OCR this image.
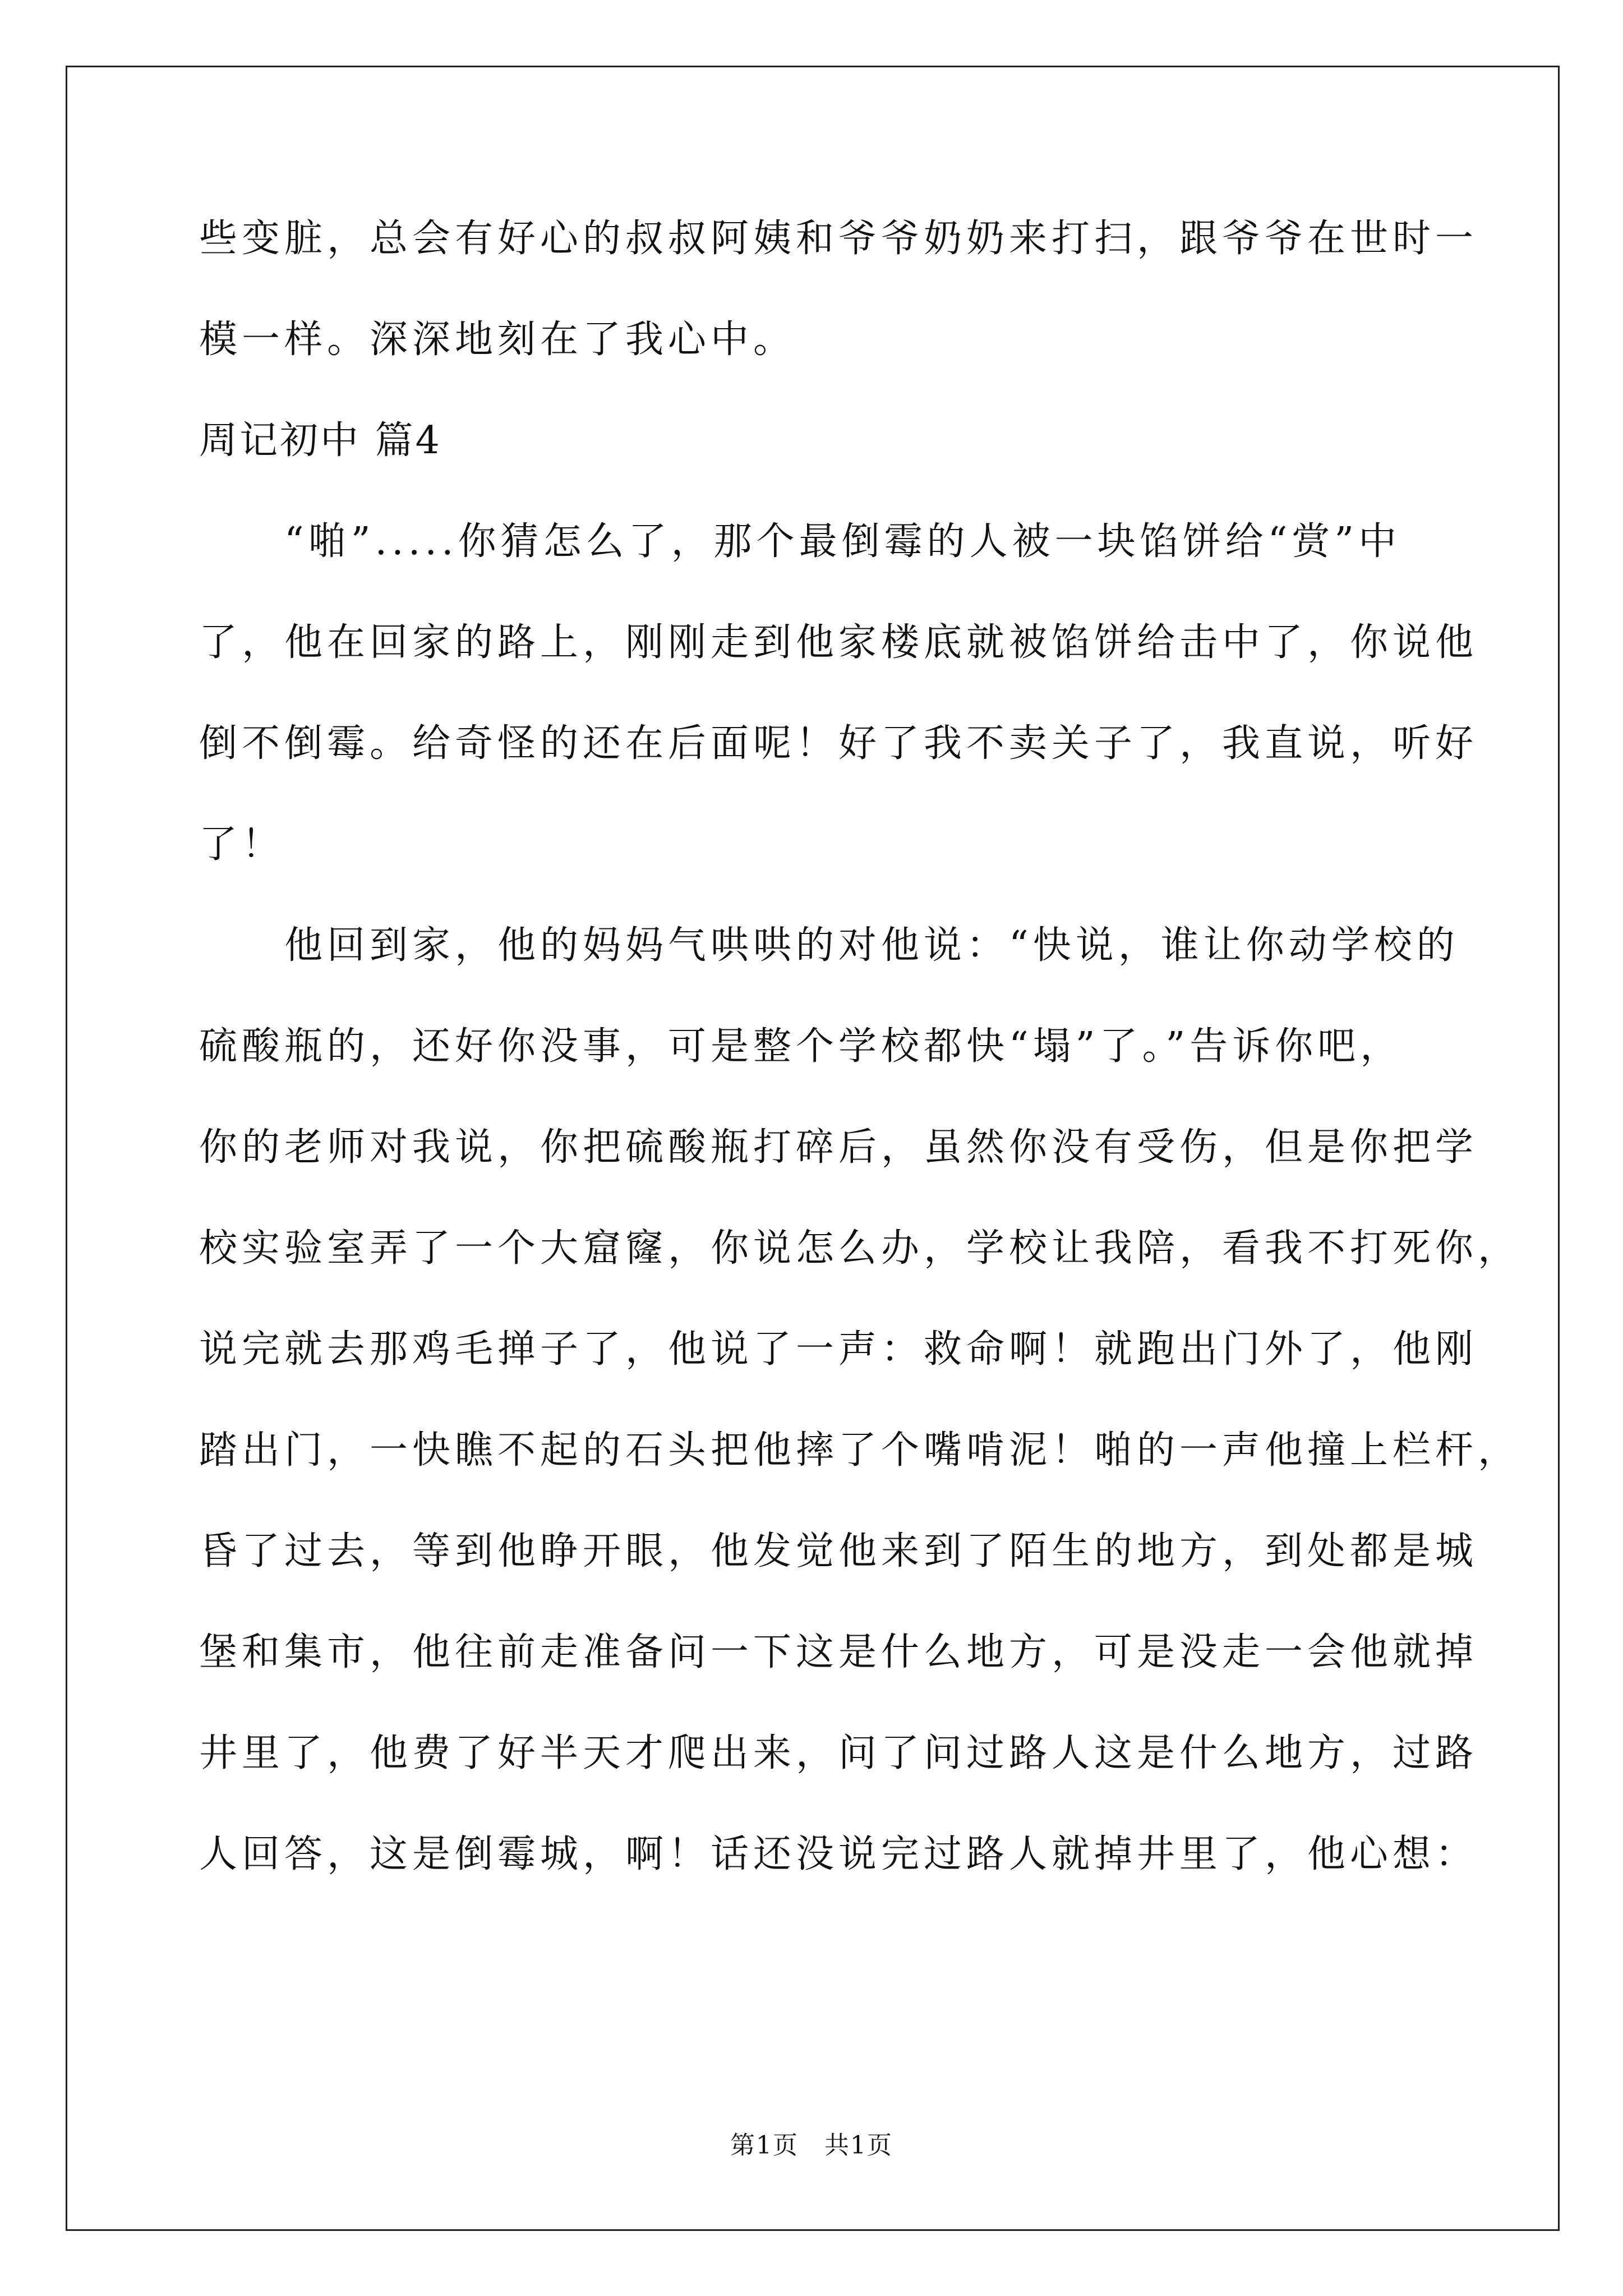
些变脏，总会有好心的叔叔阿姨和爷爷奶奶来打扫，跟爷爷在世时一
模一样。深深地刻在了我心中。
周记初中 篇4
　　“啪”.....你猜怎么了，那个最倒霉的人被一块馅饼给“赏”中
了，他在回家的路上，刚刚走到他家楼底就被馅饼给击中了，你说他
倒不倒霉。给奇怪的还在后面呢！好了我不卖关子了，我直说，听好
了！
　　他回到家，他的妈妈气哄哄的对他说：“快说，谁让你动学校的
硫酸瓶的，还好你没事，可是整个学校都快“塌”了。”告诉你吧，
你的老师对我说，你把硫酸瓶打碎后，虽然你没有受伤，但是你把学
校实验室弄了一个大窟窿，你说怎么办，学校让我陪，看我不打死你，
说完就去那鸡毛掸子了，他说了一声：救命啊！就跑出门外了，他刚
踏出门，一快瞧不起的石头把他摔了个嘴啃泥！啪的一声他撞上栏杆，
昏了过去，等到他睁开眼，他发觉他来到了陌生的地方，到处都是城
堡和集市，他往前走准备问一下这是什么地方，可是没走一会他就掉
井里了，他费了好半天才爬出来，问了问过路人这是什么地方，过路
人回答，这是倒霉城，啊！话还没说完过路人就掉井里了，他心想：
第1页　共1页
